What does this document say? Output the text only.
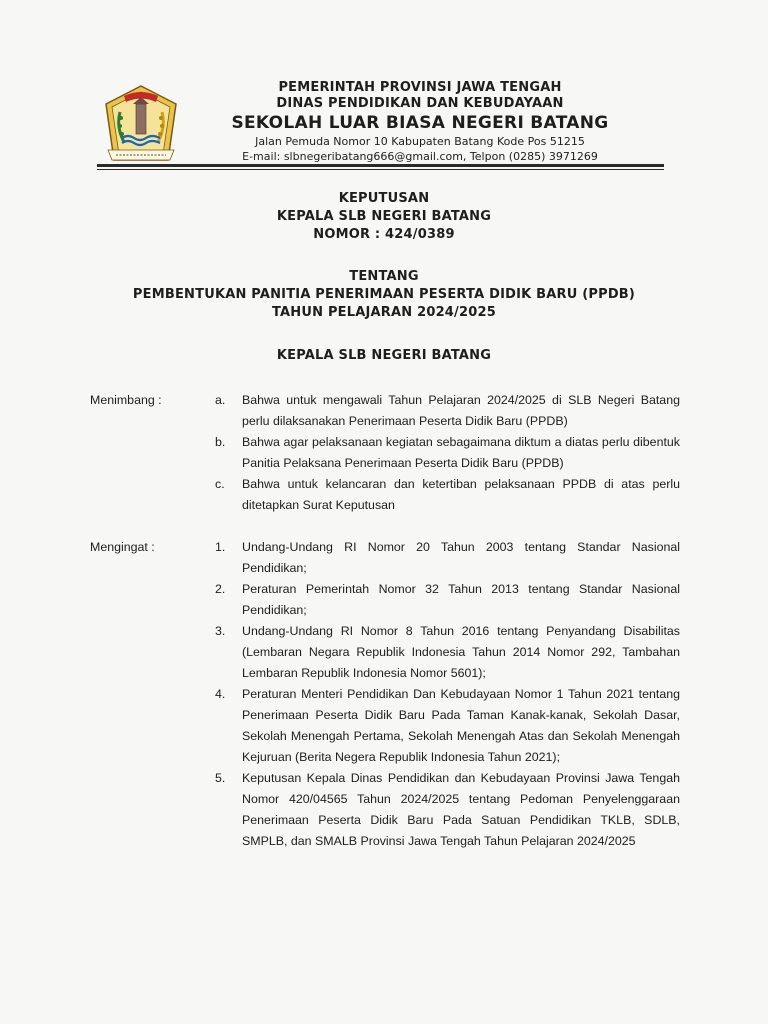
PEMERINTAH PROVINSI JAWA TENGAH
DINAS PENDIDIKAN DAN KEBUDAYAAN
SEKOLAH LUAR BIASA NEGERI BATANG
Jalan Pemuda Nomor 10 Kabupaten Batang Kode Pos 51215
E-mail: slbnegeribatang666@gmail.com, Telpon (0285) 3971269
KEPUTUSAN
KEPALA SLB NEGERI BATANG
NOMOR : 424/0389
TENTANG
PEMBENTUKAN PANITIA PENERIMAAN PESERTA DIDIK BARU (PPDB)
TAHUN PELAJARAN 2024/2025
KEPALA SLB NEGERI BATANG
Menimbang :	a. Bahwa untuk mengawali Tahun Pelajaran 2024/2025 di SLB Negeri Batang perlu dilaksanakan Penerimaan Peserta Didik Baru (PPDB)
b. Bahwa agar pelaksanaan kegiatan sebagaimana diktum a diatas perlu dibentuk Panitia Pelaksana Penerimaan Peserta Didik Baru (PPDB)
c. Bahwa untuk kelancaran dan ketertiban pelaksanaan PPDB di atas perlu ditetapkan Surat Keputusan
Mengingat :	1. Undang-Undang RI Nomor 20 Tahun 2003 tentang Standar Nasional Pendidikan;
2. Peraturan Pemerintah Nomor 32 Tahun 2013 tentang Standar Nasional Pendidikan;
3. Undang-Undang RI Nomor 8 Tahun 2016 tentang Penyandang Disabilitas (Lembaran Negara Republik Indonesia Tahun 2014 Nomor 292, Tambahan Lembaran Republik Indonesia Nomor 5601);
4. Peraturan Menteri Pendidikan Dan Kebudayaan Nomor 1 Tahun 2021 tentang Penerimaan Peserta Didik Baru Pada Taman Kanak-kanak, Sekolah Dasar, Sekolah Menengah Pertama, Sekolah Menengah Atas dan Sekolah Menengah Kejuruan (Berita Negera Republik Indonesia Tahun 2021);
5. Keputusan Kepala Dinas Pendidikan dan Kebudayaan Provinsi Jawa Tengah Nomor 420/04565 Tahun 2024/2025 tentang Pedoman Penyelenggaraan Penerimaan Peserta Didik Baru Pada Satuan Pendidikan TKLB, SDLB, SMPLB, dan SMALB Provinsi Jawa Tengah Tahun Pelajaran 2024/2025
